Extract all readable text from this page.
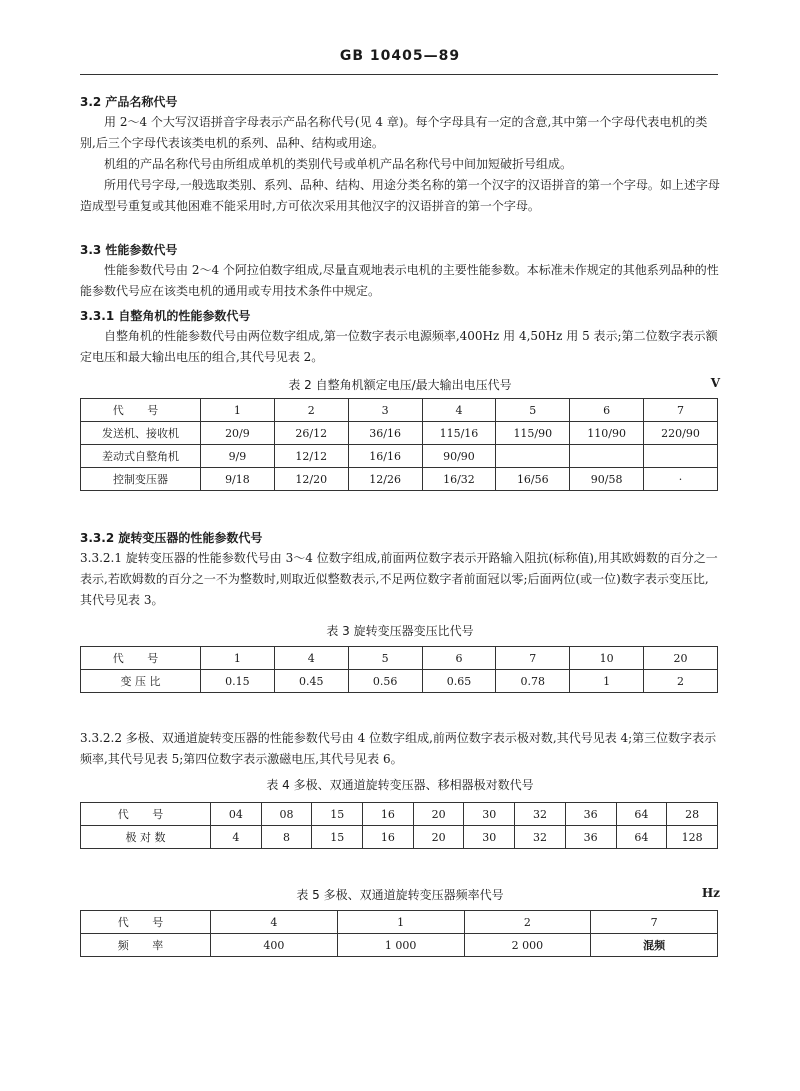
GB 10405—89
3.2 产品名称代号

用 2～4 个大写汉语拼音字母表示产品名称代号(见 4 章)。每个字母具有一定的含意,其中第一个字母代表电机的类别,后三个字母代表该类电机的系列、品种、结构或用途。

机组的产品名称代号由所组成单机的类别代号或单机产品名称代号中间加短破折号组成。

所用代号字母,一般选取类别、系列、品种、结构、用途分类名称的第一个汉字的汉语拼音的第一个字母。如上述字母造成型号重复或其他困难不能采用时,方可依次采用其他汉字的汉语拼音的第一个字母。

3.3 性能参数代号

性能参数代号由 2～4 个阿拉伯数字组成,尽量直观地表示电机的主要性能参数。本标准未作规定的其他系列品种的性能参数代号应在该类电机的通用或专用技术条件中规定。

3.3.1 自整角机的性能参数代号

自整角机的性能参数代号由两位数字组成,第一位数字表示电源频率,400Hz 用 4,50Hz 用 5 表示;第二位数字表示额定电压和最大输出电压的组合,其代号见表 2。

表 2 自整角机额定电压/最大输出电压代号	V
代 号	1	2	3	4	5	6	7
发送机、接收机	20/9	26/12	36/16	115/16	115/90	110/90	220/90
差动式自整角机	9/9	12/12	16/16	90/90			
控制变压器	9/18	12/20	12/26	16/32	16/56	90/58	·
3.3.2 旋转变压器的性能参数代号

3.3.2.1 旋转变压器的性能参数代号由 3～4 位数字组成,前面两位数字表示开路输入阻抗(标称值),用其欧姆数的百分之一表示,若欧姆数的百分之一不为整数时,则取近似整数表示,不足两位数字者前面冠以零;后面两位(或一位)数字表示变压比,其代号见表 3。

表 3 旋转变压器变压比代号
代 号	1	4	5	6	7	10	20
变 压 比	0.15	0.45	0.56	0.65	0.78	1	2

3.3.2.2 多极、双通道旋转变压器的性能参数代号由 4 位数字组成,前两位数字表示极对数,其代号见表 4;第三位数字表示频率,其代号见表 5;第四位数字表示激磁电压,其代号见表 6。

表 4 多极、双通道旋转变压器、移相器极对数代号
代 号	04	08	15	16	20	30	32	36	64	28
极 对 数	4	8	15	16	20	30	32	36	64	128
表 5 多极、双通道旋转变压器频率代号	Hz
代 号	4	1	2	7
频 率	400	1 000	2 000	混频
